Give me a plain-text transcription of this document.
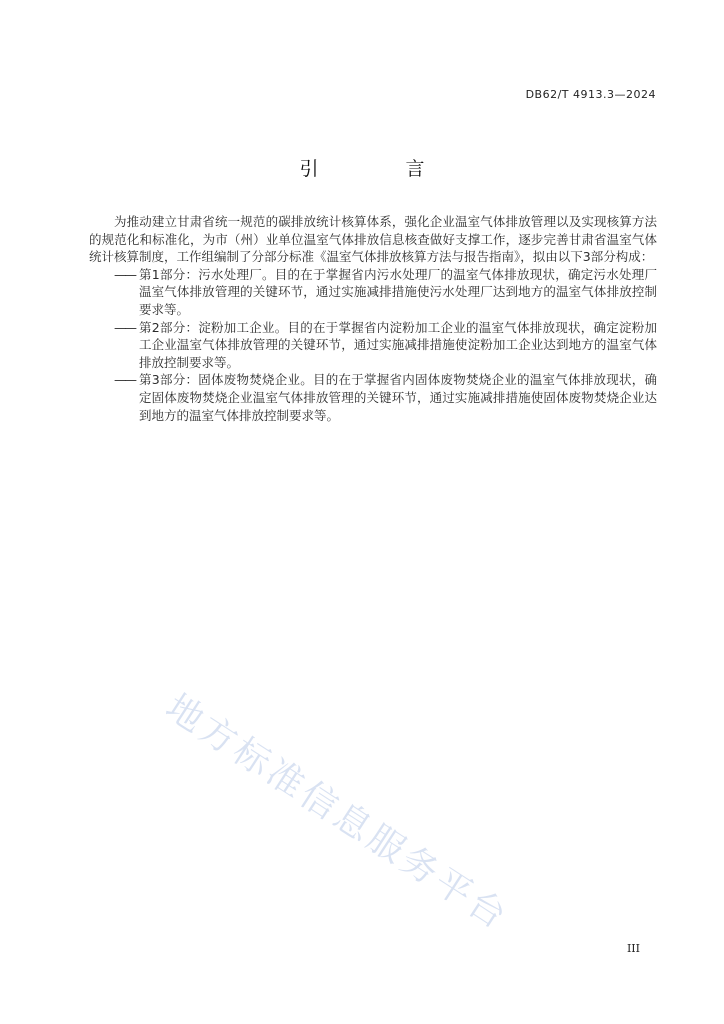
DB62/T 4913.3—2024
引　言

为推动建立甘肃省统一规范的碳排放统计核算体系，强化企业温室气体排放管理以及实现核算方法的规范化和标准化，为市（州）业单位温室气体排放信息核查做好支撑工作，逐步完善甘肃省温室气体统计核算制度，工作组编制了分部分标准《温室气体排放核算方法与报告指南》，拟由以下3部分构成：

—— 第1部分：污水处理厂。目的在于掌握省内污水处理厂的温室气体排放现状，确定污水处理厂温室气体排放管理的关键环节，通过实施减排措施使污水处理厂达到地方的温室气体排放控制要求等。
—— 第2部分：淀粉加工企业。目的在于掌握省内淀粉加工企业的温室气体排放现状，确定淀粉加工企业温室气体排放管理的关键环节，通过实施减排措施使淀粉加工企业达到地方的温室气体排放控制要求等。
—— 第3部分：固体废物焚烧企业。目的在于掌握省内固体废物焚烧企业的温室气体排放现状，确定固体废物焚烧企业温室气体排放管理的关键环节，通过实施减排措施使固体废物焚烧企业达到地方的温室气体排放控制要求等。
地方标准信息服务平台
III
